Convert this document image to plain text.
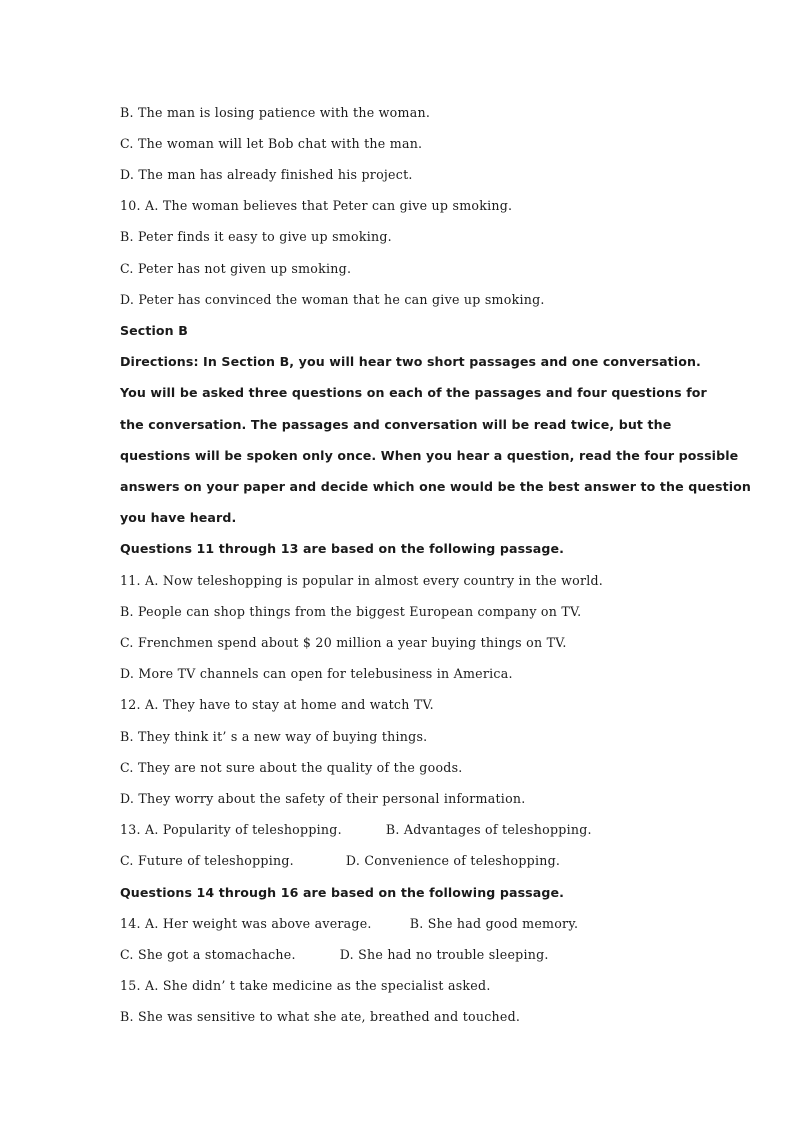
B. The man is losing patience with the woman.
C. The woman will let Bob chat with the man.
D. The man has already finished his project.
10. A. The woman believes that Peter can give up smoking.
B. Peter finds it easy to give up smoking.
C. Peter has not given up smoking.
D. Peter has convinced the woman that he can give up smoking.
Section B
Directions: In Section B, you will hear two short passages and one conversation.
You will be asked three questions on each of the passages and four questions for
the conversation. The passages and conversation will be read twice, but the
questions will be spoken only once. When you hear a question, read the four possible
answers on your paper and decide which one would be the best answer to the question
you have heard.
Questions 11 through 13 are based on the following passage.
11. A. Now teleshopping is popular in almost every country in the world.
B. People can shop things from the biggest European company on TV.
C. Frenchmen spend about $ 20 million a year buying things on TV.
D. More TV channels can open for telebusiness in America.
12. A. They have to stay at home and watch TV.
B. They think it’ s a new way of buying things.
C. They are not sure about the quality of the goods.
D. They worry about the safety of their personal information.
13. A. Popularity of teleshopping.	B. Advantages of teleshopping.
C. Future of teleshopping.	D. Convenience of teleshopping.
Questions 14 through 16 are based on the following passage.
14. A. Her weight was above average.	B. She had good memory.
C. She got a stomachache.	D. She had no trouble sleeping.
15. A. She didn’ t take medicine as the specialist asked.
B. She was sensitive to what she ate, breathed and touched.
